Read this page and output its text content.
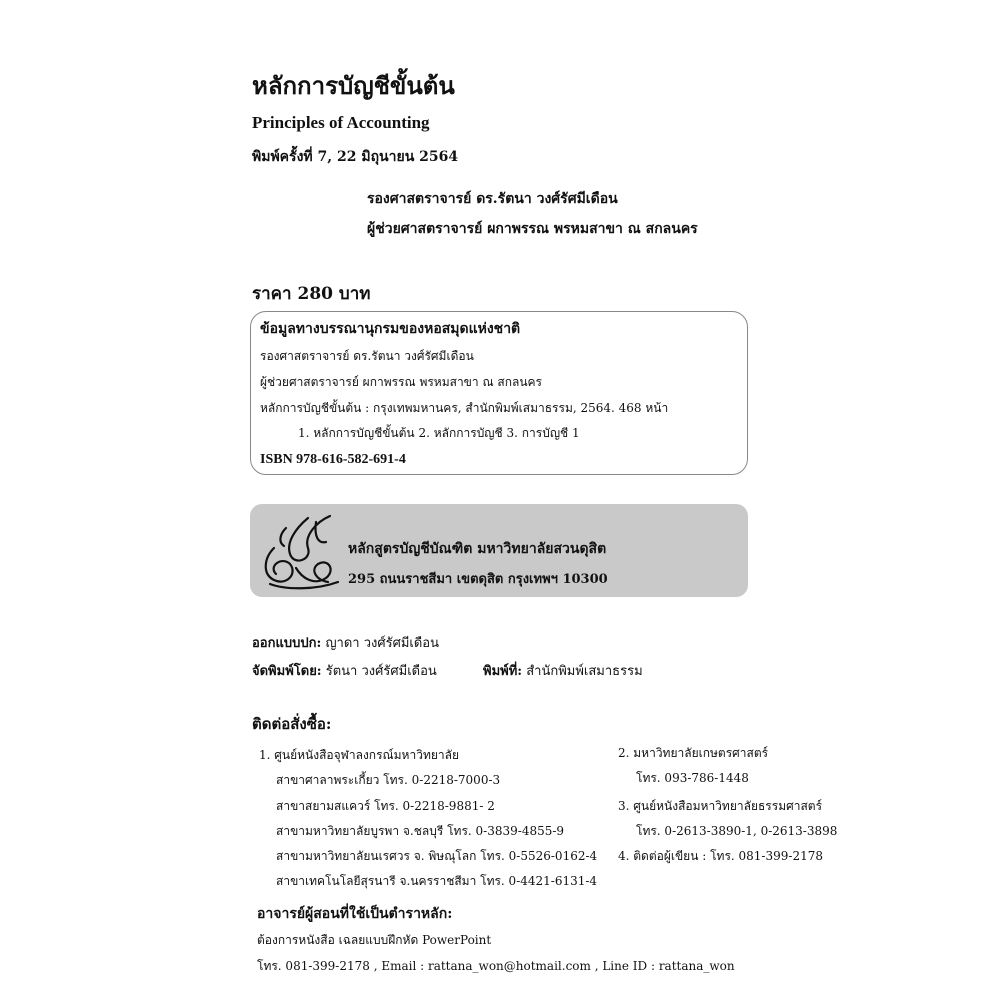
หลักการบัญชีขั้นต้น
Principles of Accounting
พิมพ์ครั้งที่ 7, 22 มิถุนายน 2564
รองศาสตราจารย์ ดร.รัตนา วงศ์รัศมีเดือน
ผู้ช่วยศาสตราจารย์ ผกาพรรณ พรหมสาขา ณ สกลนคร
ราคา 280 บาท
ข้อมูลทางบรรณานุกรมของหอสมุดแห่งชาติ
รองศาสตราจารย์ ดร.รัตนา วงศ์รัศมีเดือน
ผู้ช่วยศาสตราจารย์ ผกาพรรณ พรหมสาขา ณ สกลนคร
หลักการบัญชีขั้นต้น : กรุงเทพมหานคร, สำนักพิมพ์เสมาธรรม, 2564. 468 หน้า
1. หลักการบัญชีขั้นต้น 2. หลักการบัญชี 3. การบัญชี 1
ISBN 978-616-582-691-4
หลักสูตรบัญชีบัณฑิต มหาวิทยาลัยสวนดุสิต
295 ถนนราชสีมา เขตดุสิต กรุงเทพฯ 10300
ออกแบบปก: ญาดา วงศ์รัศมีเดือน
จัดพิมพ์โดย: รัตนา วงศ์รัศมีเดือน	พิมพ์ที่: สำนักพิมพ์เสมาธรรม
ติดต่อสั่งซื้อ:
1. ศูนย์หนังสือจุฬาลงกรณ์มหาวิทยาลัย
สาขาศาลาพระเกี้ยว โทร. 0-2218-7000-3
สาขาสยามสแควร์ โทร. 0-2218-9881- 2
สาขามหาวิทยาลัยบูรพา จ.ชลบุรี โทร. 0-3839-4855-9
สาขามหาวิทยาลัยนเรศวร จ. พิษณุโลก โทร. 0-5526-0162-4
สาขาเทคโนโลยีสุรนารี จ.นครราชสีมา โทร. 0-4421-6131-4
2. มหาวิทยาลัยเกษตรศาสตร์
โทร. 093-786-1448
3. ศูนย์หนังสือมหาวิทยาลัยธรรมศาสตร์
โทร. 0-2613-3890-1, 0-2613-3898
4. ติดต่อผู้เขียน : โทร. 081-399-2178
อาจารย์ผู้สอนที่ใช้เป็นตำราหลัก:
ต้องการหนังสือ เฉลยแบบฝึกหัด PowerPoint
โทร. 081-399-2178 , Email : rattana_won@hotmail.com , Line ID : rattana_won
